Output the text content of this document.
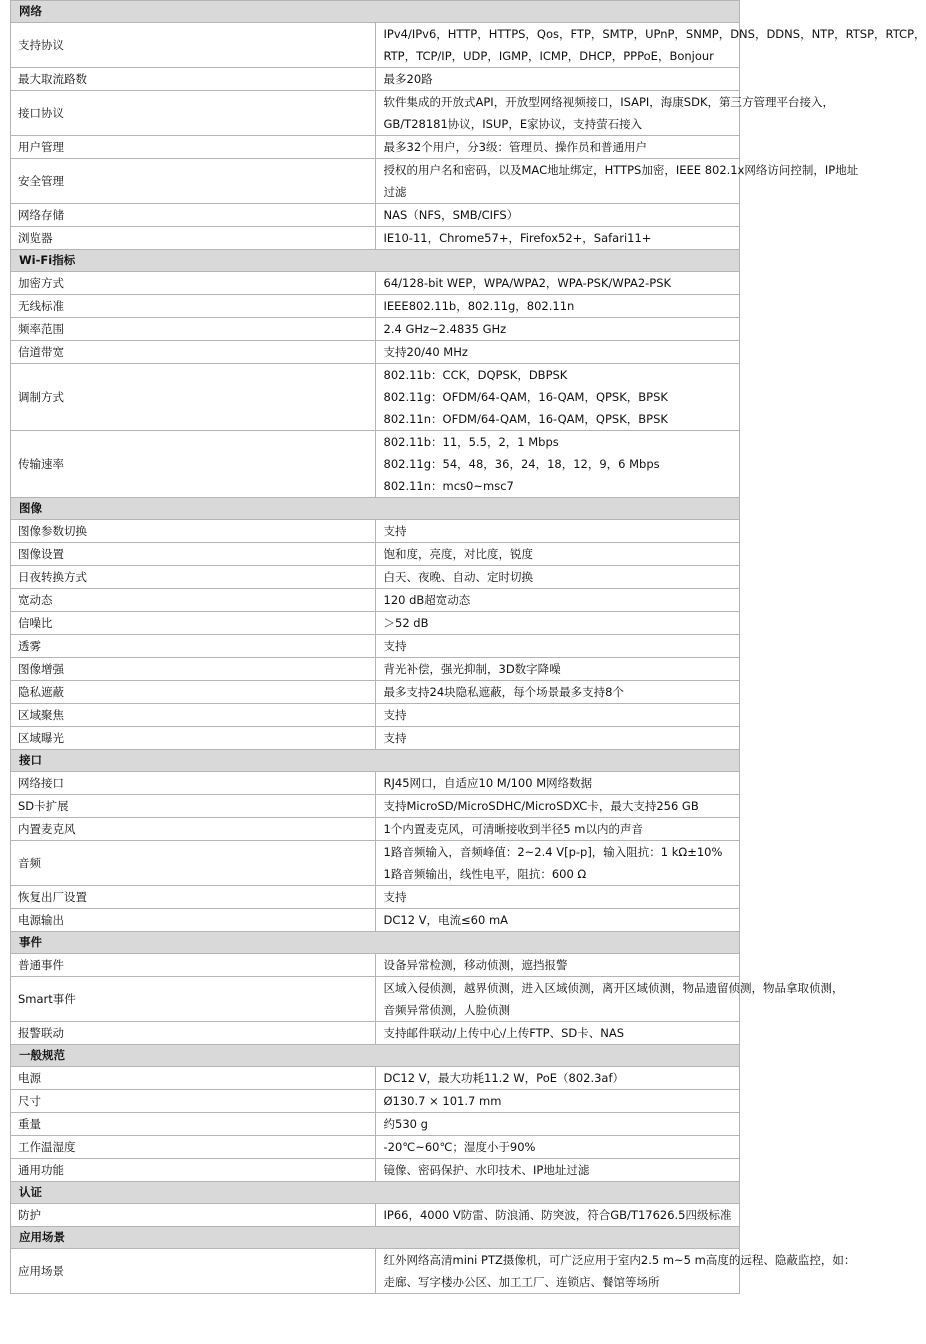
网络	
支持协议	IPv4/IPv6，HTTP，HTTPS，Qos，FTP，SMTP，UPnP，SNMP，DNS，DDNS，NTP，RTSP，RTCP，
RTP，TCP/IP，UDP，IGMP，ICMP，DHCP，PPPoE，Bonjour

最大取流路数	最多20路

接口协议	软件集成的开放式API，开放型网络视频接口，ISAPI，海康SDK，第三方管理平台接入，
GB/T28181协议，ISUP，E家协议，支持萤石接入

用户管理	最多32个用户，分3级：管理员、操作员和普通用户

安全管理	授权的用户名和密码，以及MAC地址绑定，HTTPS加密，IEEE 802.1x网络访问控制，IP地址
过滤

网络存储	NAS（NFS，SMB/CIFS）

浏览器	IE10-11，Chrome57+，Firefox52+，Safari11+

Wi-Fi指标	
加密方式	64/128-bit WEP，WPA/WPA2，WPA-PSK/WPA2-PSK

无线标准	IEEE802.11b，802.11g，802.11n

频率范围	2.4 GHz~2.4835 GHz

信道带宽	支持20/40 MHz

调制方式	802.11b：CCK，DQPSK，DBPSK
802.11g：OFDM/64-QAM，16-QAM，QPSK，BPSK
802.11n：OFDM/64-QAM，16-QAM，QPSK，BPSK

传输速率	802.11b：11，5.5，2，1 Mbps
802.11g：54，48，36，24，18，12，9，6 Mbps
802.11n：mcs0~msc7

图像	
图像参数切换	支持

图像设置	饱和度，亮度，对比度，锐度

日夜转换方式	白天、夜晚、自动、定时切换

宽动态	120 dB超宽动态

信噪比	＞52 dB

透雾	支持

图像增强	背光补偿，强光抑制，3D数字降噪

隐私遮蔽	最多支持24块隐私遮蔽，每个场景最多支持8个

区域聚焦	支持

区域曝光	支持

接口	
网络接口	RJ45网口，自适应10 M/100 M网络数据

SD卡扩展	支持MicroSD/MicroSDHC/MicroSDXC卡，最大支持256 GB

内置麦克风	1个内置麦克风，可清晰接收到半径5 m以内的声音

音频	1路音频输入，音频峰值：2~2.4 V[p-p]，输入阻抗：1 kΩ±10%
1路音频输出，线性电平，阻抗：600 Ω

恢复出厂设置	支持

电源输出	DC12 V，电流≤60 mA

事件	
普通事件	设备异常检测，移动侦测，遮挡报警

Smart事件	区域入侵侦测，越界侦测，进入区域侦测，离开区域侦测，物品遗留侦测，物品拿取侦测，
音频异常侦测，人脸侦测

报警联动	支持邮件联动/上传中心/上传FTP、SD卡、NAS

一般规范	
电源	DC12 V，最大功耗11.2 W，PoE（802.3af）

尺寸	Ø130.7 × 101.7 mm

重量	约530 g

工作温湿度	-20℃~60℃；湿度小于90%

通用功能	镜像、密码保护、水印技术、IP地址过滤

认证	
防护	IP66，4000 V防雷、防浪涌、防突波，符合GB/T17626.5四级标准

应用场景	
应用场景	红外网络高清mini PTZ摄像机，可广泛应用于室内2.5 m~5 m高度的远程、隐蔽监控，如：
走廊、写字楼办公区、加工工厂、连锁店、餐馆等场所
